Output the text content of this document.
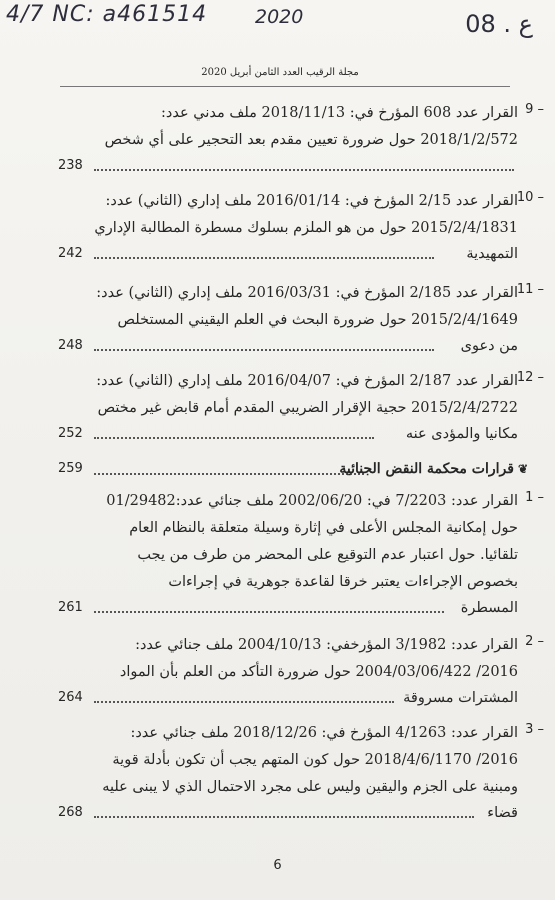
4/7 NC: a461514	2020	08 . ع
مجلة الرقيب العدد الثامن أبريل 2020
القرار عدد 608 المؤرخ في: 2018/11/13 ملف مدني عدد: 9 –
2018/1/2/572 حول ضرورة تعيين مقدم بعد التحجير على أي شخص
238
القرار عدد 2/15 المؤرخ في: 2016/01/14 ملف إداري (الثاني) عدد:
10 –
2015/2/4/1831 حول من هو الملزم بسلوك مسطرة المطالبة الإداري
242	التمهيدية
القرار عدد 2/185 المؤرخ في: 2016/03/31 ملف إداري (الثاني) عدد:
11 –
2015/2/4/1649 حول ضرورة البحث في العلم اليقيني المستخلص
248	من دعوى
القرار عدد 2/187 المؤرخ في: 2016/04/07 ملف إداري (الثاني) عدد:
12 –
2015/2/4/2722 حجية الإقرار الضريبي المقدم أمام قابض غير مختص
252	مكانيا والمؤدى عنه
259	❦قرارات محكمة النقض الجنائية
القرار عدد: 7/2203 في: 2002/06/20 ملف جنائي عدد:01/29482 1 –
حول إمكانية المجلس الأعلى في إثارة وسيلة متعلقة بالنظام العام
تلقائيا. حول اعتبار عدم التوقيع على المحضر من طرف من يجب
بخصوص الإجراءات يعتبر خرقا لقاعدة جوهرية في إجراءات
261	المسطرة
القرار عدد: 3/1982 المؤرخفي: 2004/10/13 ملف جنائي عدد: 2 –
2016/ 2004/03/06/422 حول ضرورة التأكد من العلم بأن المواد
264	المشترات مسروقة
القرار عدد: 4/1263 المؤرخ في: 2018/12/26 ملف جنائي عدد: 3 –
2016/ 2018/4/6/1170 حول كون المتهم يجب أن تكون بأدلة قوية
ومبنية على الجزم واليقين وليس على مجرد الاحتمال الذي لا يبنى عليه
268	قضاء
6
